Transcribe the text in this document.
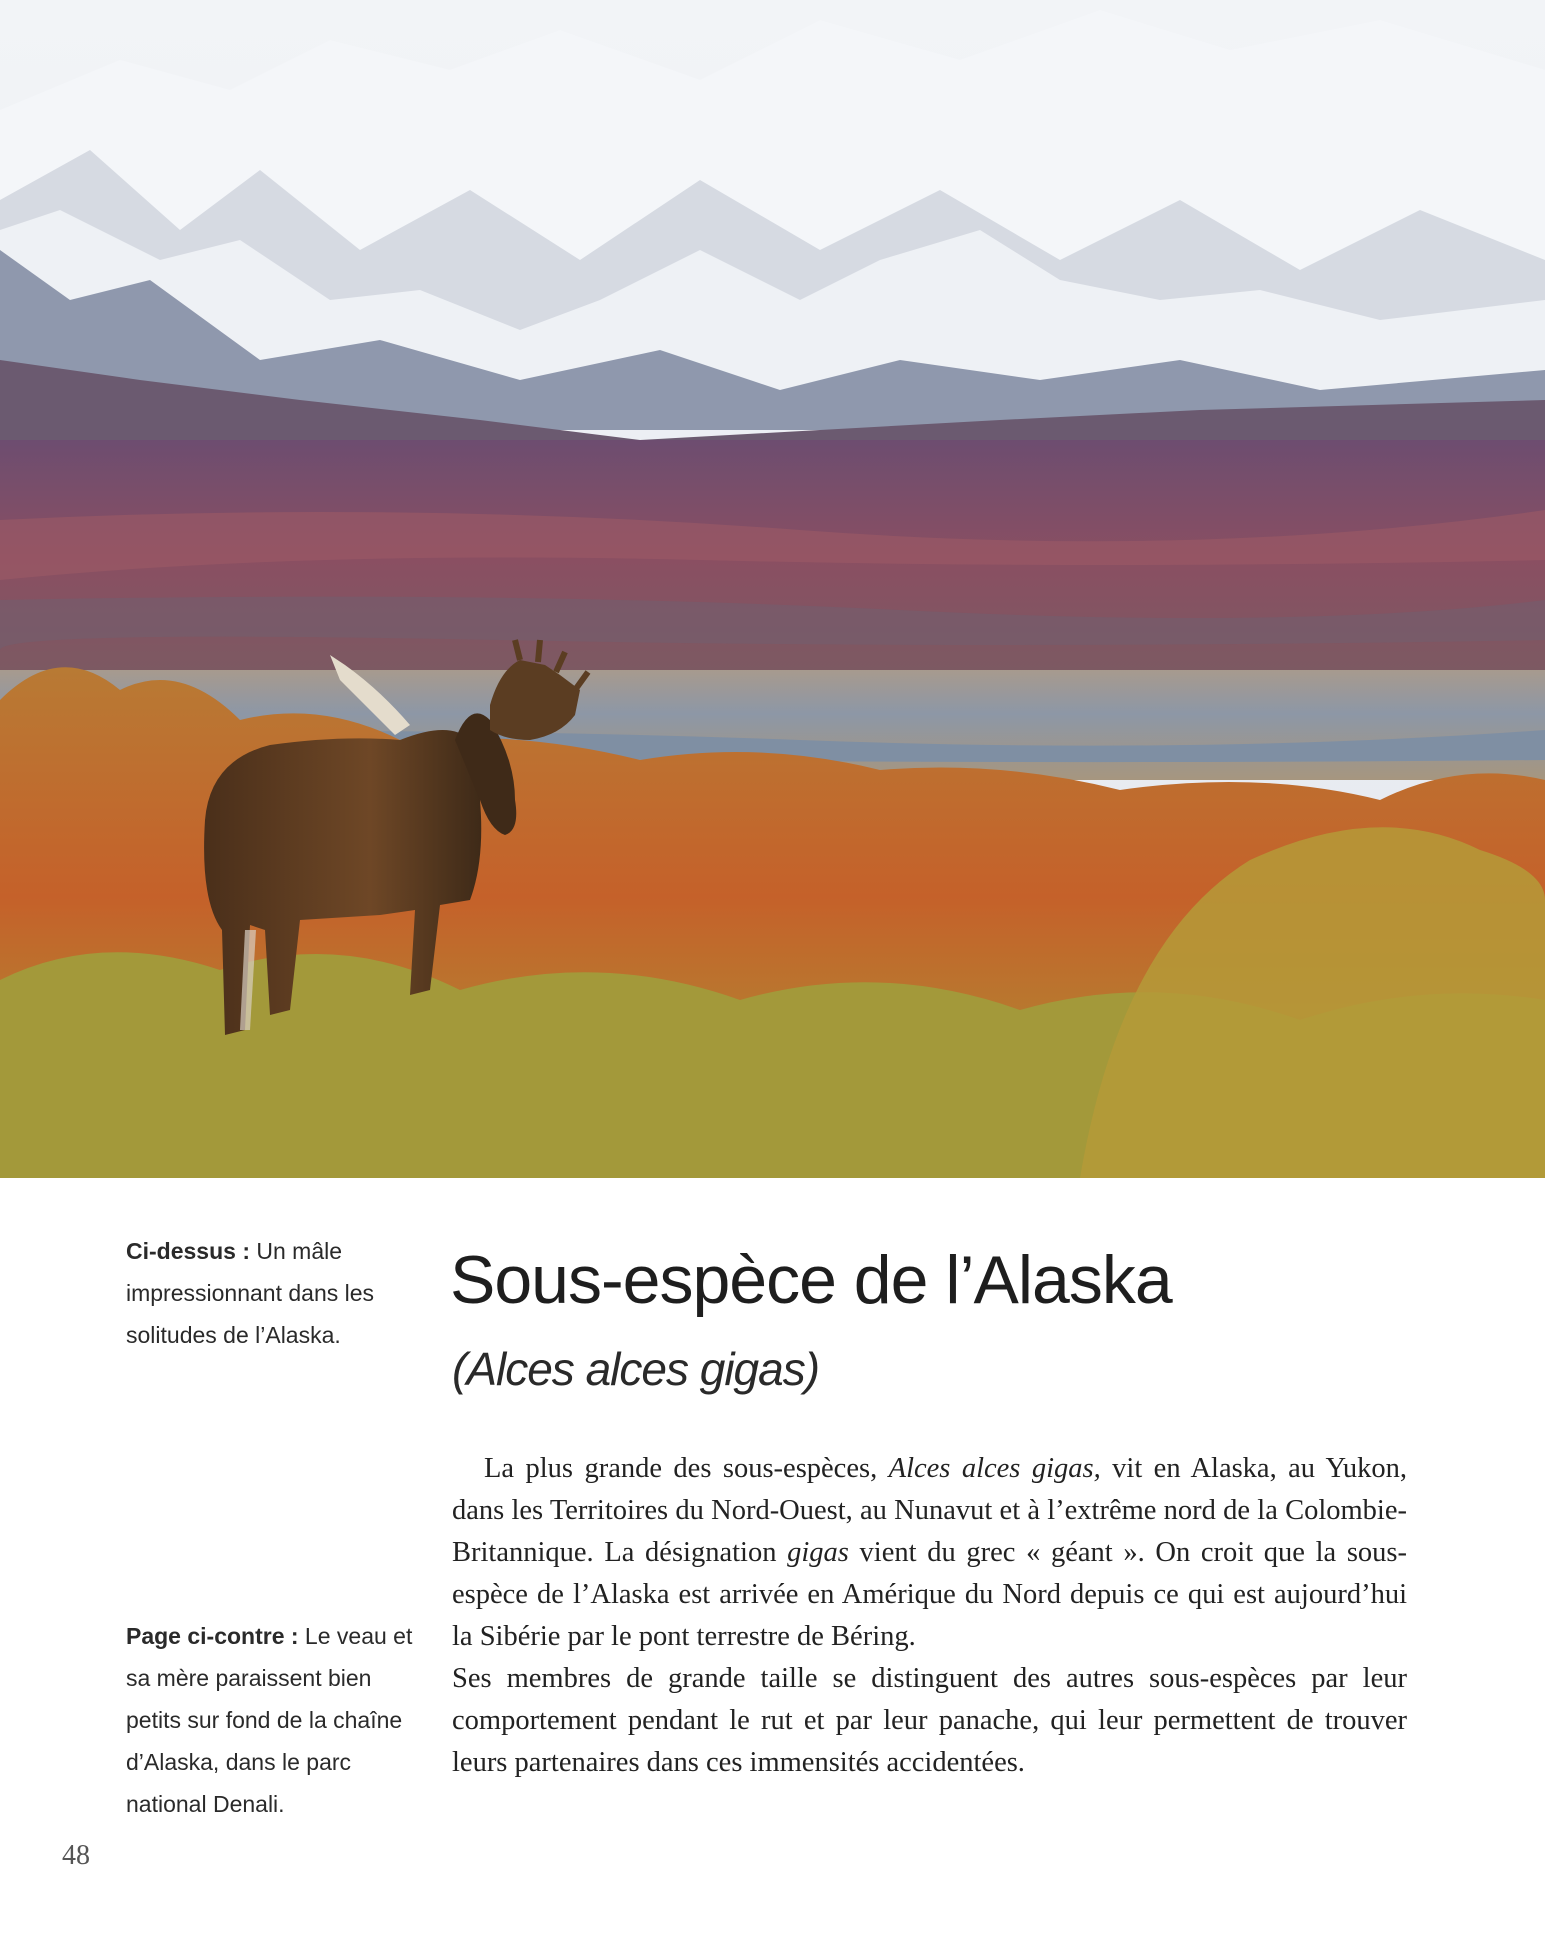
Ci-dessus : Un mâle impressionnant dans les solitudes de l’Alaska.
Page ci-contre : Le veau et sa mère paraissent bien petits sur fond de la chaîne d’Alaska, dans le parc national Denali.
Sous-espèce de l’Alaska
(Alces alces gigas)

La plus grande des sous-espèces, Alces alces gigas, vit en Alaska, au Yukon, dans les Territoires du Nord-Ouest, au Nunavut et à l’extrême nord de la Colombie-Britannique. La désignation gigas vient du grec « géant ». On croit que la sous-espèce de l’Alaska est arrivée en Amérique du Nord depuis ce qui est aujourd’hui la Sibérie par le pont terrestre de Béring.

Ses membres de grande taille se distinguent des autres sous-espèces par leur comportement pendant le rut et par leur panache, qui leur permettent de trouver leurs partenaires dans ces immensités accidentées.

48
